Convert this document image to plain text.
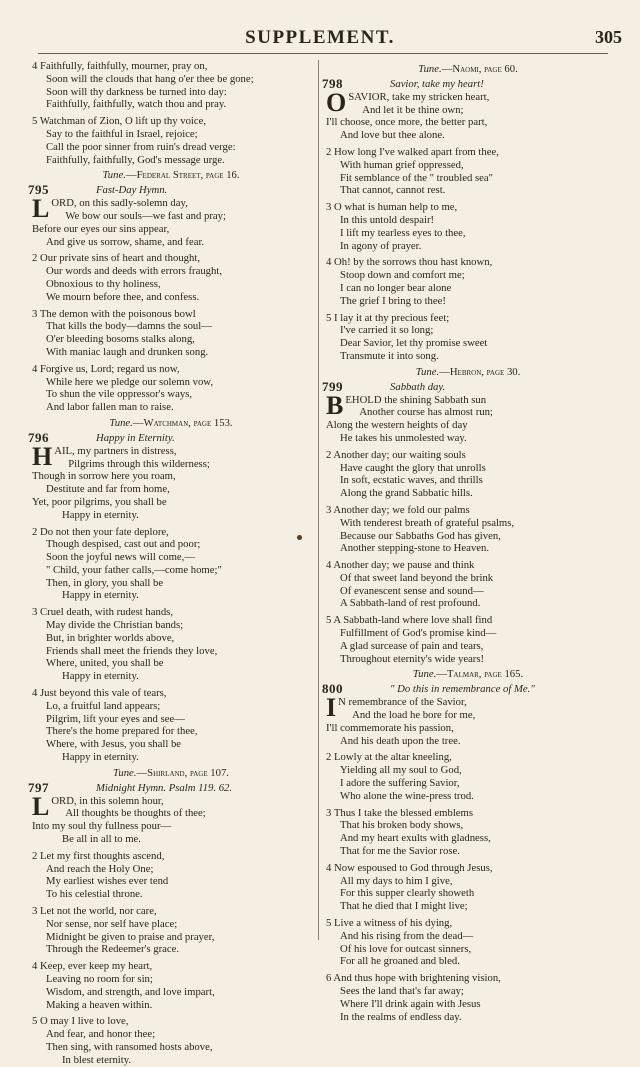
SUPPLEMENT.	305
4 Faithfully, faithfully, mourner, pray on,
Soon will the clouds that hang o'er thee be gone;
Soon will thy darkness be turned into day:
Faithfully, faithfully, watch thou and pray.
5 Watchman of Zion, O lift up thy voice,
Say to the faithful in Israel, rejoice;
Call the poor sinner from ruin's dread verge:
Faithfully, faithfully, God's message urge.
Tune.—Federal Street, page 16.
795	Fast-Day Hymn.
L ORD, on this sadly-solemn day,
We bow our souls—we fast and pray;
Before our eyes our sins appear,
And give us sorrow, shame, and fear.
2 Our private sins of heart and thought,
Our words and deeds with errors fraught,
Obnoxious to thy holiness,
We mourn before thee, and confess.
3 The demon with the poisonous bowl
That kills the body—damns the soul—
O'er bleeding bosoms stalks along,
With maniac laugh and drunken song.
4 Forgive us, Lord; regard us now,
While here we pledge our solemn vow,
To shun the vile oppressor's ways,
And labor fallen man to raise.
Tune.—Watchman, page 153.
796	Happy in Eternity.
H AIL, my partners in distress,
Pilgrims through this wilderness;
Though in sorrow here you roam,
Destitute and far from home,
Yet, poor pilgrims, you shall be
Happy in eternity.
2 Do not then your fate deplore,
Though despised, cast out and poor;
Soon the joyful news will come,—
" Child, your father calls,—come home;"
Then, in glory, you shall be
Happy in eternity.
3 Cruel death, with rudest hands,
May divide the Christian bands;
But, in brighter worlds above,
Friends shall meet the friends they love,
Where, united, you shall be
Happy in eternity.
4 Just beyond this vale of tears,
Lo, a fruitful land appears;
Pilgrim, lift your eyes and see—
There's the home prepared for thee,
Where, with Jesus, you shall be
Happy in eternity.
Tune.—Shirland, page 107.
797	Midnight Hymn. Psalm 119. 62.
L ORD, in this solemn hour,
All thoughts be thoughts of thee;
Into my soul thy fullness pour—
Be all in all to me.
2 Let my first thoughts ascend,
And reach the Holy One;
My earliest wishes ever tend
To his celestial throne.
3 Let not the world, nor care,
Nor sense, nor self have place;
Midnight be given to praise and prayer,
Through the Redeemer's grace.
4 Keep, ever keep my heart,
Leaving no room for sin;
Wisdom, and strength, and love impart,
Making a heaven within.
5 O may I live to love,
And fear, and honor thee;
Then sing, with ransomed hosts above,
In blest eternity.
Tune.—Naomi, page 60.
798	Savior, take my heart!
O SAVIOR, take my stricken heart,
And let it be thine own;
I'll choose, once more, the better part,
And love but thee alone.
2 How long I've walked apart from thee,
With human grief oppressed,
Fit semblance of the " troubled sea"
That cannot, cannot rest.
3 O what is human help to me,
In this untold despair!
I lift my tearless eyes to thee,
In agony of prayer.
4 Oh! by the sorrows thou hast known,
Stoop down and comfort me;
I can no longer bear alone
The grief I bring to thee!
5 I lay it at thy precious feet;
I've carried it so long;
Dear Savior, let thy promise sweet
Transmute it into song.
Tune.—Hebron, page 30.
799	Sabbath day.
B EHOLD the shining Sabbath sun
Another course has almost run;
Along the western heights of day
He takes his unmolested way.
2 Another day; our waiting souls
Have caught the glory that unrolls
In soft, ecstatic waves, and thrills
Along the grand Sabbatic hills.
3 Another day; we fold our palms
With tenderest breath of grateful psalms,
Because our Sabbaths God has given,
Another stepping-stone to Heaven.
4 Another day; we pause and think
Of that sweet land beyond the brink
Of evanescent sense and sound—
A Sabbath-land of rest profound.
5 A Sabbath-land where love shall find
Fulfillment of God's promise kind—
A glad surcease of pain and tears,
Throughout eternity's wide years!
Tune.—Talmar, page 165.
800	" Do this in remembrance of Me."
I N remembrance of the Savior,
And the load he bore for me,
I'll commemorate his passion,
And his death upon the tree.
2 Lowly at the altar kneeling,
Yielding all my soul to God,
I adore the suffering Savior,
Who alone the wine-press trod.
3 Thus I take the blessed emblems
That his broken body shows,
And my heart exults with gladness,
That for me the Savior rose.
4 Now espoused to God through Jesus,
All my days to him I give,
For this supper clearly showeth
That he died that I might live;
5 Live a witness of his dying,
And his rising from the dead—
Of his love for outcast sinners,
For all he groaned and bled.
6 And thus hope with brightening vision,
Sees the land that's far away;
Where I'll drink again with Jesus
In the realms of endless day.
